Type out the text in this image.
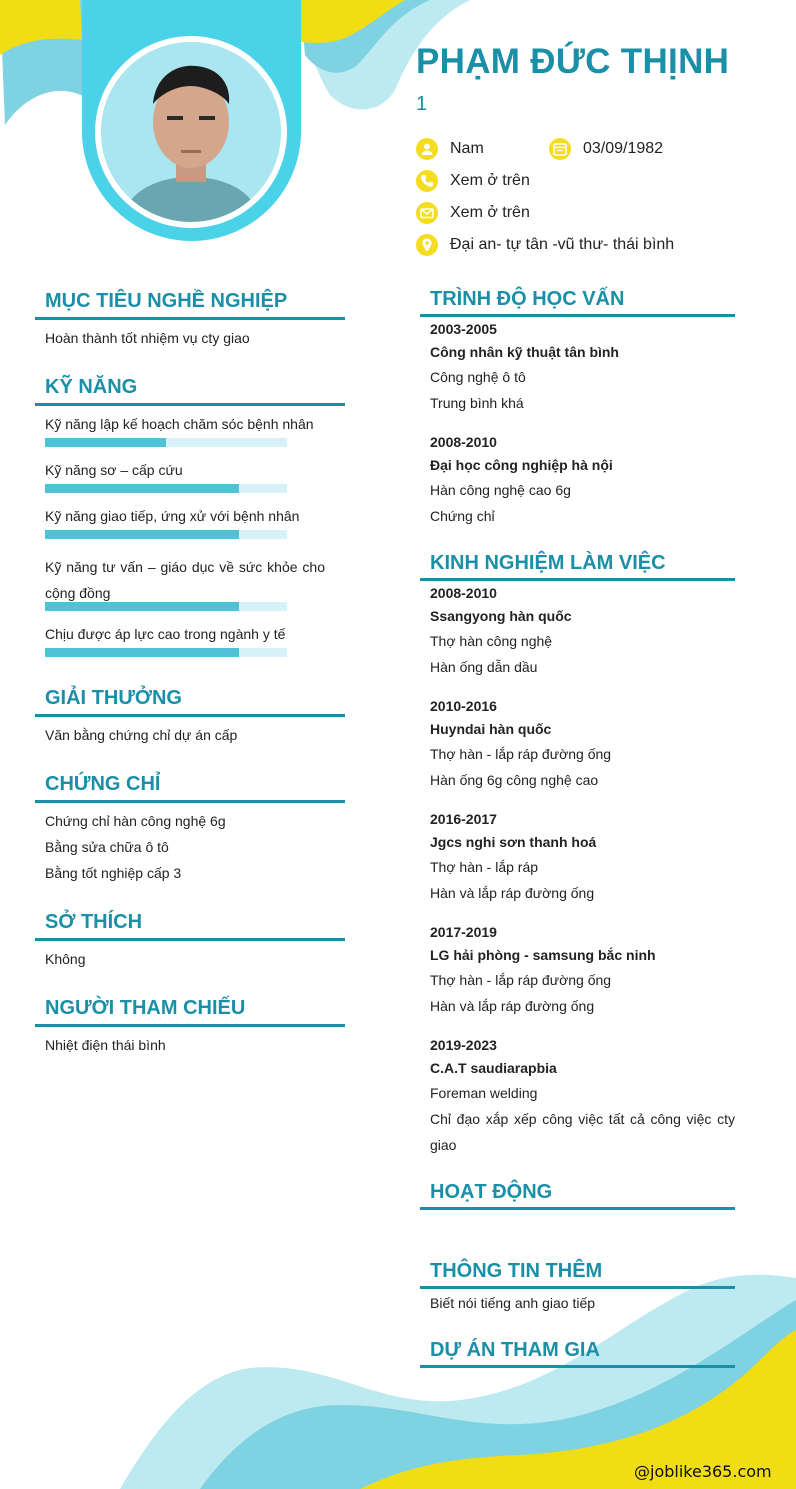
PHẠM ĐỨC THỊNH
1
Nam	03/09/1982
Xem ở trên
Xem ở trên
Đại an- tự tân -vũ thư- thái bình
MỤC TIÊU NGHỀ NGHIỆP
Hoàn thành tốt nhiệm vụ cty giao
KỸ NĂNG
Kỹ năng lập kế hoạch chăm sóc bệnh nhân
Kỹ năng sơ – cấp cứu
Kỹ năng giao tiếp, ứng xử với bệnh nhân
Kỹ năng tư vấn – giáo dục về sức khỏe cho cộng đồng
Chịu được áp lực cao trong ngành y tế
GIẢI THƯỞNG
Văn bằng chứng chỉ dự án cấp
CHỨNG CHỈ
Chứng chỉ hàn công nghệ 6g
Bằng sửa chữa ô tô
Bằng tốt nghiệp cấp 3
SỞ THÍCH
Không
NGƯỜI THAM CHIẾU
Nhiệt điện thái bình
TRÌNH ĐỘ HỌC VẤN
2003-2005
Công nhân kỹ thuật tân bình
Công nghệ ô tô
Trung bình khá
2008-2010
Đại học công nghiệp hà nội
Hàn công nghệ cao 6g
Chứng chỉ
KINH NGHIỆM LÀM VIỆC
2008-2010
Ssangyong hàn quốc
Thợ hàn công nghệ
Hàn ống dẫn dầu
2010-2016
Huyndai hàn quốc
Thợ hàn - lắp ráp đường ống
Hàn ống 6g công nghệ cao
2016-2017
Jgcs nghi sơn thanh hoá
Thợ hàn - lắp ráp
Hàn và lắp ráp đường ống
2017-2019
LG hải phòng - samsung bắc ninh
Thợ hàn - lắp ráp đường ống
Hàn và lắp ráp đường ống
2019-2023
C.A.T saudiarapbia
Foreman welding
Chỉ đạo xắp xếp công việc tất cả công việc cty giao
HOẠT ĐỘNG
THÔNG TIN THÊM
Biết nói tiếng anh giao tiếp
DỰ ÁN THAM GIA
@joblike365.com
